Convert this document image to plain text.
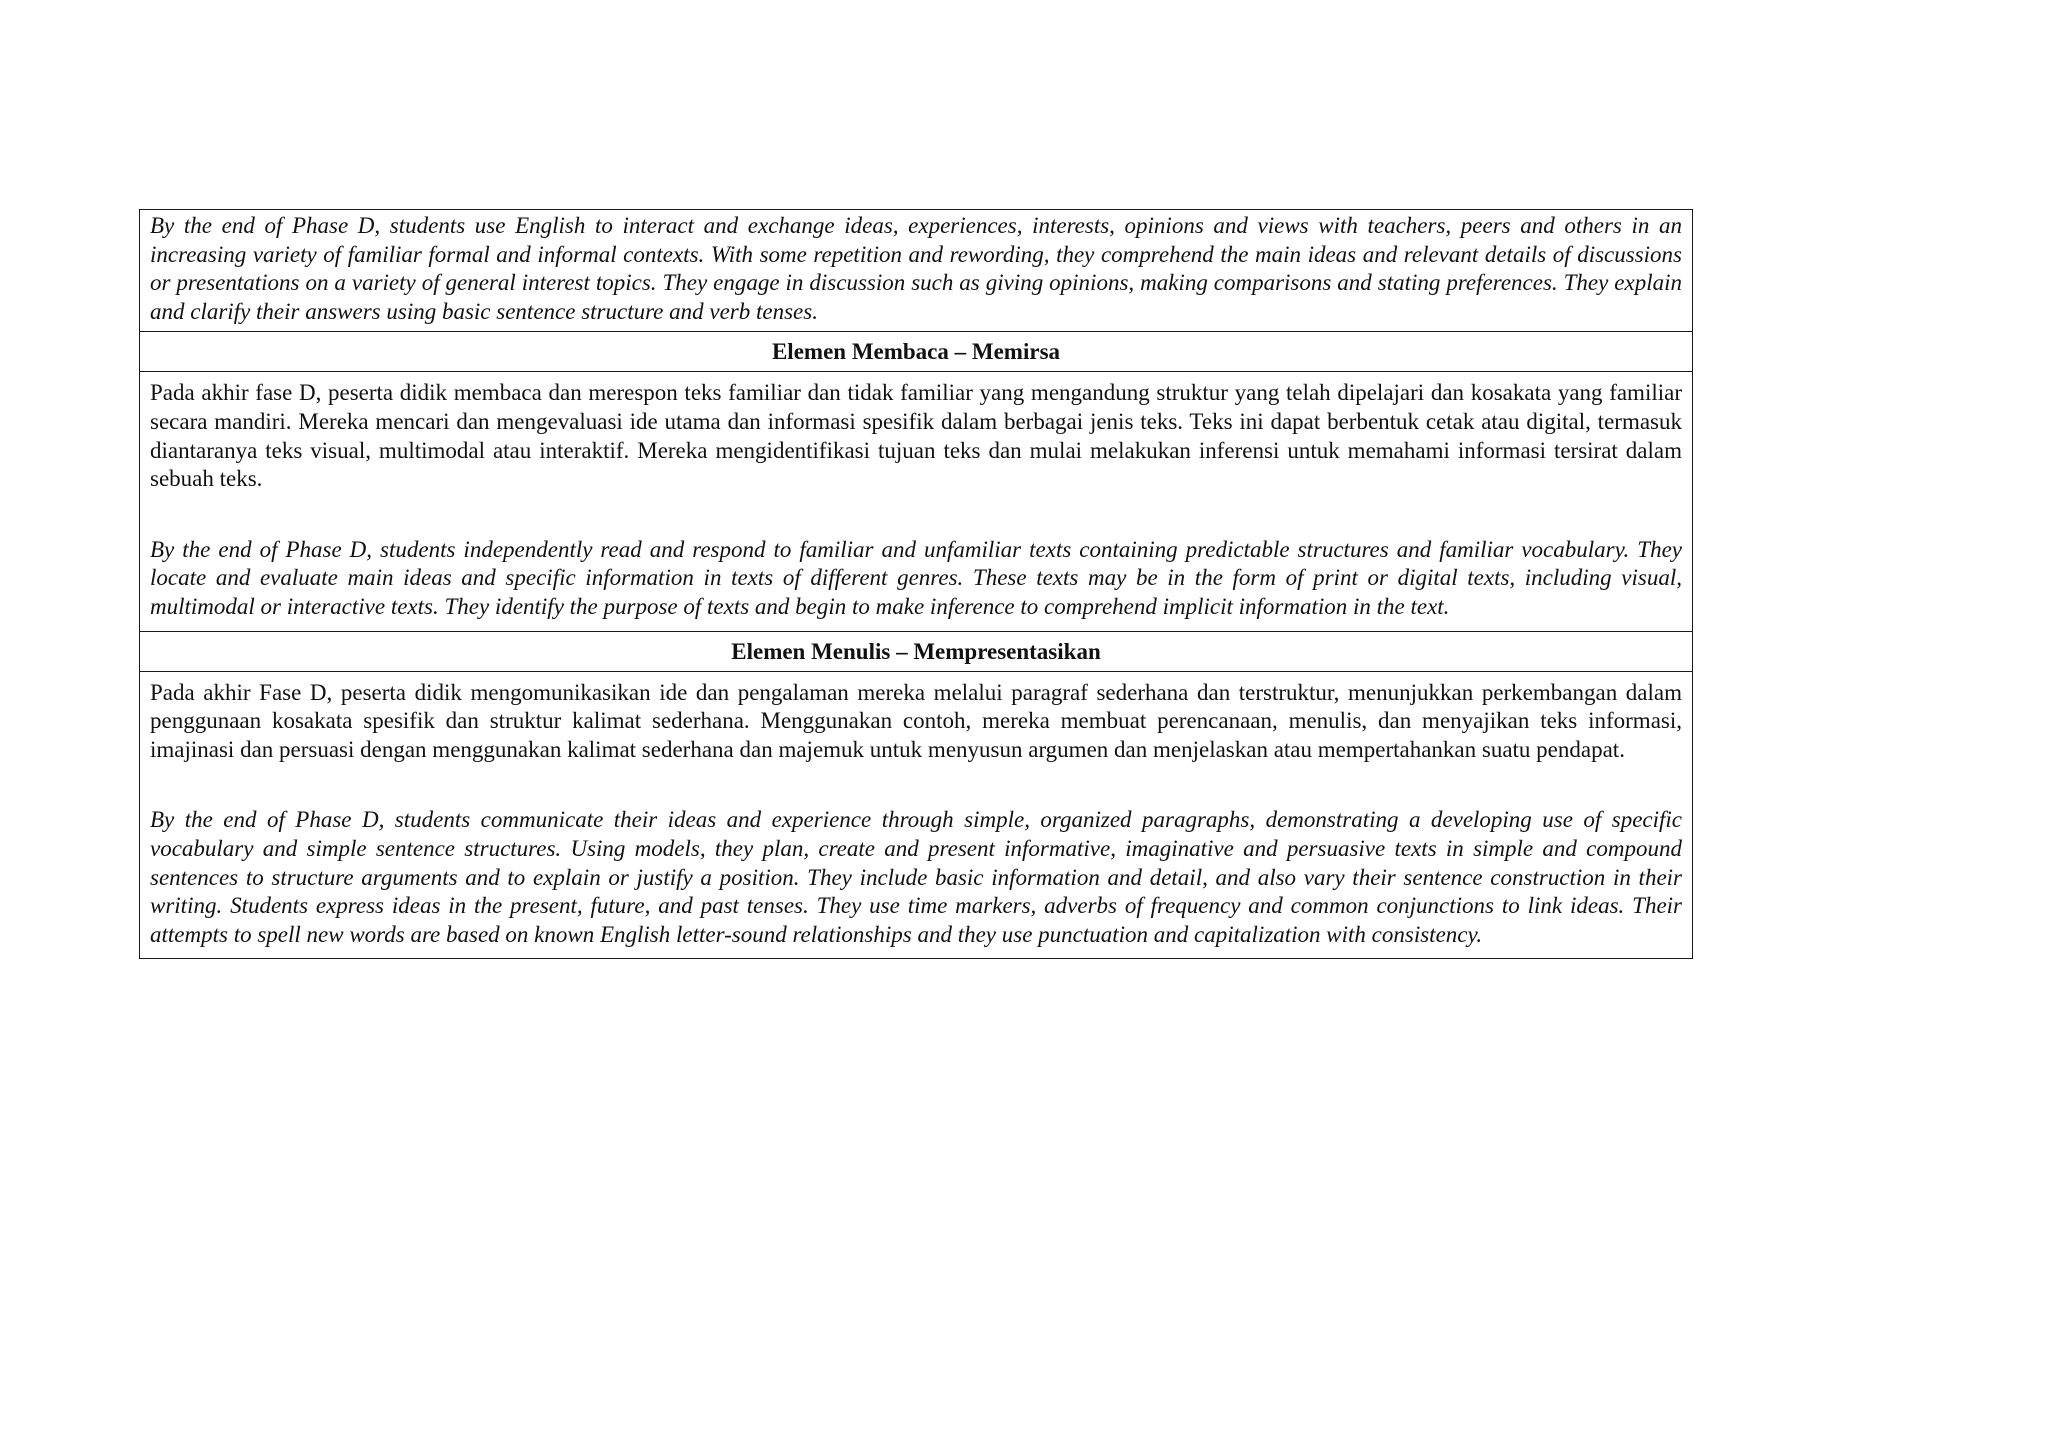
By the end of Phase D, students use English to interact and exchange ideas, experiences, interests, opinions and views with teachers, peers and others in an increasing variety of familiar formal and informal contexts. With some repetition and rewording, they comprehend the main ideas and relevant details of discussions or presentations on a variety of general interest topics. They engage in discussion such as giving opinions, making comparisons and stating preferences. They explain and clarify their answers using basic sentence structure and verb tenses.

Elemen Membaca – Memirsa

Pada akhir fase D, peserta didik membaca dan merespon teks familiar dan tidak familiar yang mengandung struktur yang telah dipelajari dan kosakata yang familiar secara mandiri. Mereka mencari dan mengevaluasi ide utama dan informasi spesifik dalam berbagai jenis teks. Teks ini dapat berbentuk cetak atau digital, termasuk diantaranya teks visual, multimodal atau interaktif. Mereka mengidentifikasi tujuan teks dan mulai melakukan inferensi untuk memahami informasi tersirat dalam sebuah teks.

By the end of Phase D, students independently read and respond to familiar and unfamiliar texts containing predictable structures and familiar vocabulary. They locate and evaluate main ideas and specific information in texts of different genres. These texts may be in the form of print or digital texts, including visual, multimodal or interactive texts. They identify the purpose of texts and begin to make inference to comprehend implicit information in the text.

Elemen Menulis – Mempresentasikan

Pada akhir Fase D, peserta didik mengomunikasikan ide dan pengalaman mereka melalui paragraf sederhana dan terstruktur, menunjukkan perkembangan dalam penggunaan kosakata spesifik dan struktur kalimat sederhana. Menggunakan contoh, mereka membuat perencanaan, menulis, dan menyajikan teks informasi, imajinasi dan persuasi dengan menggunakan kalimat sederhana dan majemuk untuk menyusun argumen dan menjelaskan atau mempertahankan suatu pendapat.

By the end of Phase D, students communicate their ideas and experience through simple, organized paragraphs, demonstrating a developing use of specific vocabulary and simple sentence structures. Using models, they plan, create and present informative, imaginative and persuasive texts in simple and compound sentences to structure arguments and to explain or justify a position. They include basic information and detail, and also vary their sentence construction in their writing. Students express ideas in the present, future, and past tenses. They use time markers, adverbs of frequency and common conjunctions to link ideas. Their attempts to spell new words are based on known English letter-sound relationships and they use punctuation and capitalization with consistency.
